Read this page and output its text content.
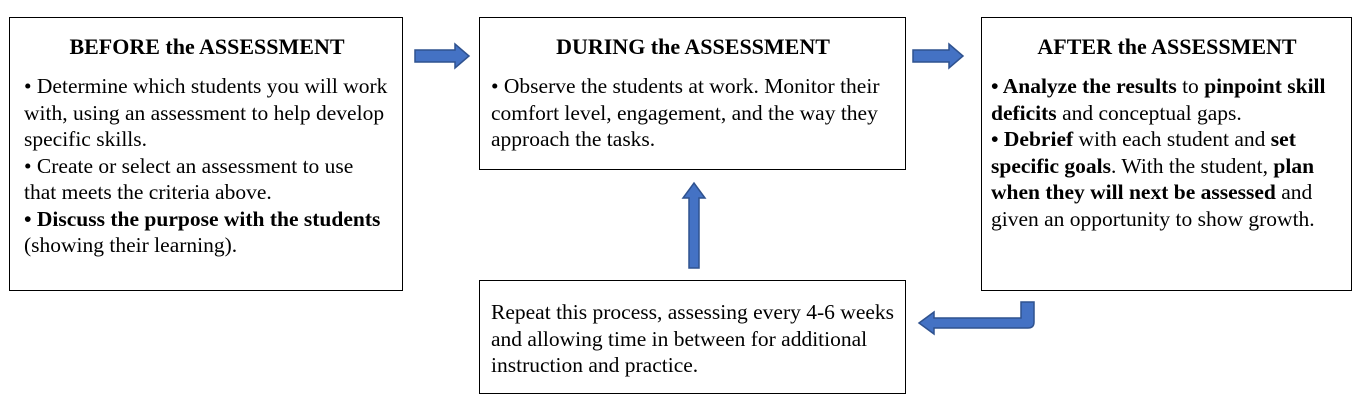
BEFORE the ASSESSMENT

• Determine which students you will work with, using an assessment to help develop specific skills.

• Create or select an assessment to use that meets the criteria above.

• Discuss the purpose with the students (showing their learning).

DURING the ASSESSMENT

• Observe the students at work. Monitor their comfort level, engagement, and the way they approach the tasks.

AFTER the ASSESSMENT

• Analyze the results to pinpoint skill deficits and conceptual gaps.

• Debrief with each student and set specific goals. With the student, plan when they will next be assessed and given an opportunity to show growth.

Repeat this process, assessing every 4-6 weeks and allowing time in between for additional instruction and practice.
